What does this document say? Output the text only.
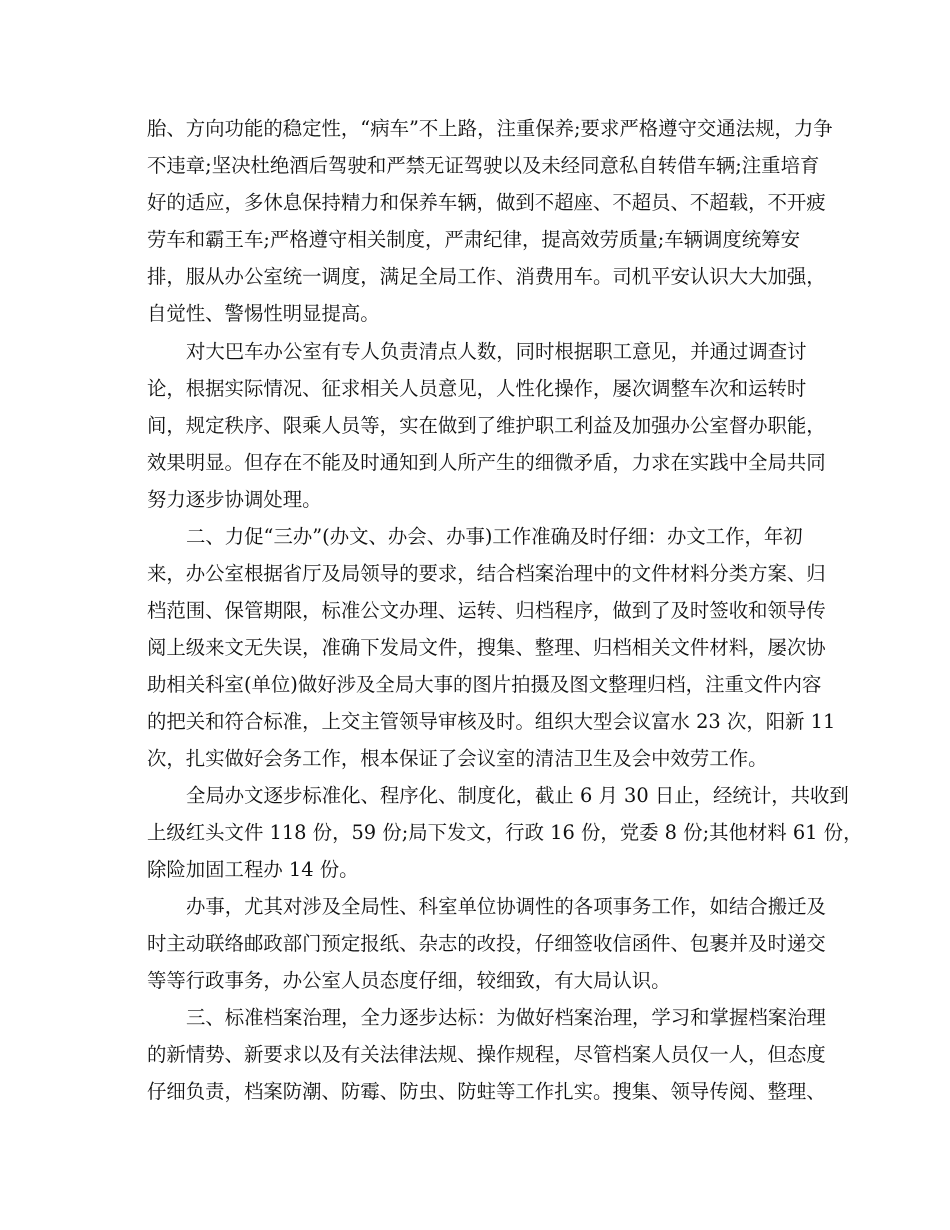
胎、方向功能的稳定性，“病车”不上路，注重保养;要求严格遵守交通法规，力争
不违章;坚决杜绝酒后驾驶和严禁无证驾驶以及未经同意私自转借车辆;注重培育
好的适应，多休息保持精力和保养车辆，做到不超座、不超员、不超载，不开疲
劳车和霸王车;严格遵守相关制度，严肃纪律，提高效劳质量;车辆调度统筹安
排，服从办公室统一调度，满足全局工作、消费用车。司机平安认识大大加强，
自觉性、警惕性明显提高。
对大巴车办公室有专人负责清点人数，同时根据职工意见，并通过调查讨
论，根据实际情况、征求相关人员意见，人性化操作，屡次调整车次和运转时
间，规定秩序、限乘人员等，实在做到了维护职工利益及加强办公室督办职能，
效果明显。但存在不能及时通知到人所产生的细微矛盾，力求在实践中全局共同
努力逐步协调处理。
二、力促“三办”(办文、办会、办事)工作准确及时仔细：办文工作，年初
来，办公室根据省厅及局领导的要求，结合档案治理中的文件材料分类方案、归
档范围、保管期限，标准公文办理、运转、归档程序，做到了及时签收和领导传
阅上级来文无失误，准确下发局文件，搜集、整理、归档相关文件材料，屡次协
助相关科室(单位)做好涉及全局大事的图片拍摄及图文整理归档，注重文件内容
的把关和符合标准，上交主管领导审核及时。组织大型会议富水 23 次，阳新 11
次，扎实做好会务工作，根本保证了会议室的清洁卫生及会中效劳工作。
全局办文逐步标准化、程序化、制度化，截止 6 月 30 日止，经统计，共收到
上级红头文件 118 份，59 份;局下发文，行政 16 份，党委 8 份;其他材料 61 份，
除险加固工程办 14 份。
办事，尤其对涉及全局性、科室单位协调性的各项事务工作，如结合搬迁及
时主动联络邮政部门预定报纸、杂志的改投，仔细签收信函件、包裹并及时递交
等等行政事务，办公室人员态度仔细，较细致，有大局认识。
三、标准档案治理，全力逐步达标：为做好档案治理，学习和掌握档案治理
的新情势、新要求以及有关法律法规、操作规程，尽管档案人员仅一人，但态度
仔细负责，档案防潮、防霉、防虫、防蛀等工作扎实。搜集、领导传阅、整理、
